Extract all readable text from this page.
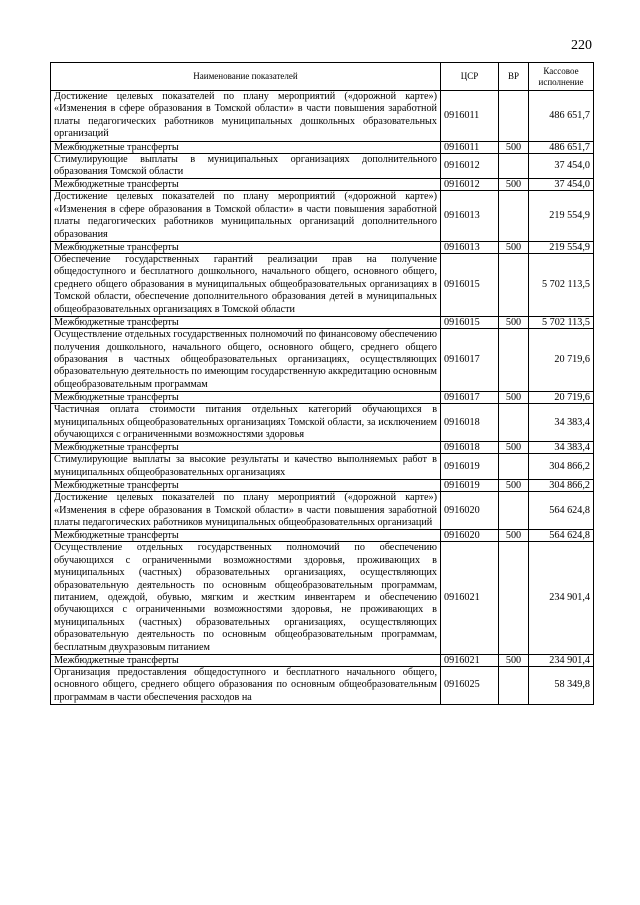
220
Наименование показателей	ЦСР	ВР	Кассовое исполнение
Достижение целевых показателей по плану мероприятий («дорожной карте») «Изменения в сфере образования в Томской области» в части повышения заработной платы педагогических работников муниципальных дошкольных образовательных организаций	0916011		486 651,7
Межбюджетные трансферты	0916011	500	486 651,7
Стимулирующие выплаты в муниципальных организациях дополнительного образования Томской области	0916012		37 454,0
Межбюджетные трансферты	0916012	500	37 454,0
Достижение целевых показателей по плану мероприятий («дорожной карте») «Изменения в сфере образования в Томской области» в части повышения заработной платы педагогических работников муниципальных организаций дополнительного образования	0916013		219 554,9
Межбюджетные трансферты	0916013	500	219 554,9
Обеспечение государственных гарантий реализации прав на получение общедоступного и бесплатного дошкольного, начального общего, основного общего, среднего общего образования в муниципальных общеобразовательных организациях в Томской области, обеспечение дополнительного образования детей в муниципальных общеобразовательных организациях в Томской области	0916015		5 702 113,5
Межбюджетные трансферты	0916015	500	5 702 113,5
Осуществление отдельных государственных полномочий по финансовому обеспечению получения дошкольного, начального общего, основного общего, среднего общего образования в частных общеобразовательных организациях, осуществляющих образовательную деятельность по имеющим государственную аккредитацию основным общеобразовательным программам	0916017		20 719,6
Межбюджетные трансферты	0916017	500	20 719,6
Частичная оплата стоимости питания отдельных категорий обучающихся в муниципальных общеобразовательных организациях Томской области, за исключением обучающихся с ограниченными возможностями здоровья	0916018		34 383,4
Межбюджетные трансферты	0916018	500	34 383,4
Стимулирующие выплаты за высокие результаты и качество выполняемых работ в муниципальных общеобразовательных организациях	0916019		304 866,2
Межбюджетные трансферты	0916019	500	304 866,2
Достижение целевых показателей по плану мероприятий («дорожной карте») «Изменения в сфере образования в Томской области» в части повышения заработной платы педагогических работников муниципальных общеобразовательных организаций	0916020		564 624,8
Межбюджетные трансферты	0916020	500	564 624,8
Осуществление отдельных государственных полномочий по обеспечению обучающихся с ограниченными возможностями здоровья, проживающих в муниципальных (частных) образовательных организациях, осуществляющих образовательную деятельность по основным общеобразовательным программам, питанием, одеждой, обувью, мягким и жестким инвентарем и обеспечению обучающихся с ограниченными возможностями здоровья, не проживающих в муниципальных (частных) образовательных организациях, осуществляющих образовательную деятельность по основным общеобразовательным программам, бесплатным двухразовым питанием	0916021		234 901,4
Межбюджетные трансферты	0916021	500	234 901,4
Организация предоставления общедоступного и бесплатного начального общего, основного общего, среднего общего образования по основным общеобразовательным программам в части обеспечения расходов на	0916025		58 349,8
